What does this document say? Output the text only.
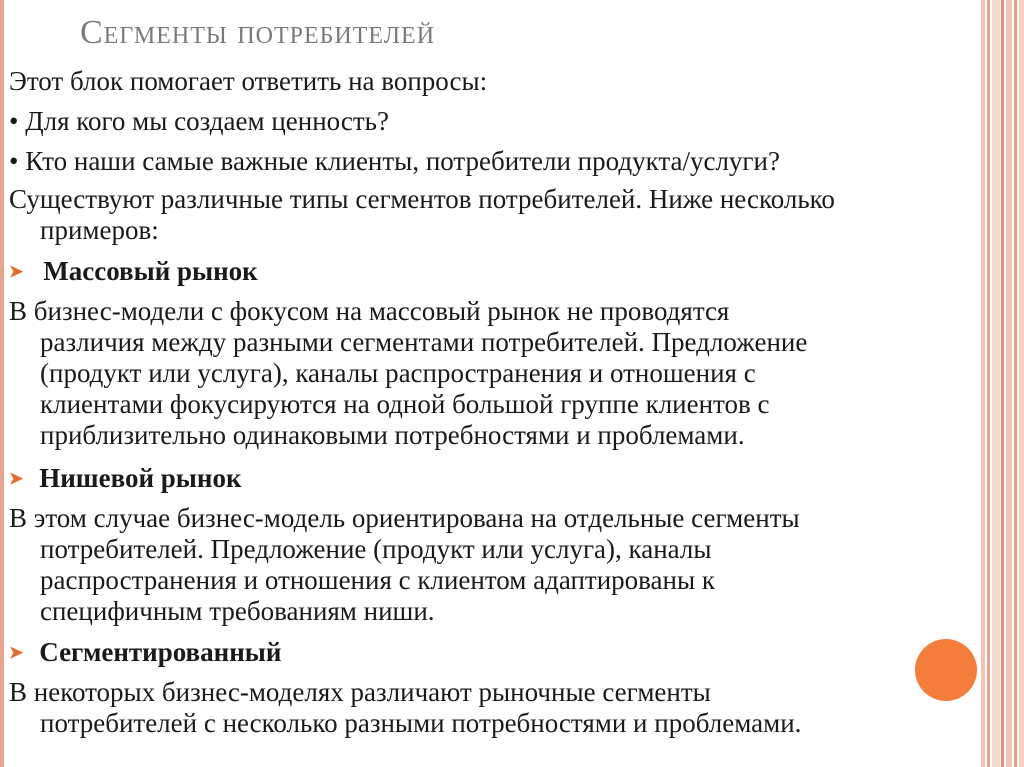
Сегменты потребителей
Этот блок помогает ответить на вопросы:
• Для кого мы создаем ценность?
• Кто наши самые важные клиенты, потребители продукта/услуги?
Существуют различные типы сегментов потребителей. Ниже несколько
примеров:
➤ Массовый рынок
В бизнес-модели с фокусом на массовый рынок не проводятся
различия между разными сегментами потребителей. Предложение
(продукт или услуга), каналы распространения и отношения с
клиентами фокусируются на одной большой группе клиентов с
приблизительно одинаковыми потребностями и проблемами.
➤ Нишевой рынок
В этом случае бизнес-модель ориентирована на отдельные сегменты
потребителей. Предложение (продукт или услуга), каналы
распространения и отношения с клиентом адаптированы к
специфичным требованиям ниши.
➤ Сегментированный
В некоторых бизнес-моделях различают рыночные сегменты
потребителей с несколько разными потребностями и проблемами.
